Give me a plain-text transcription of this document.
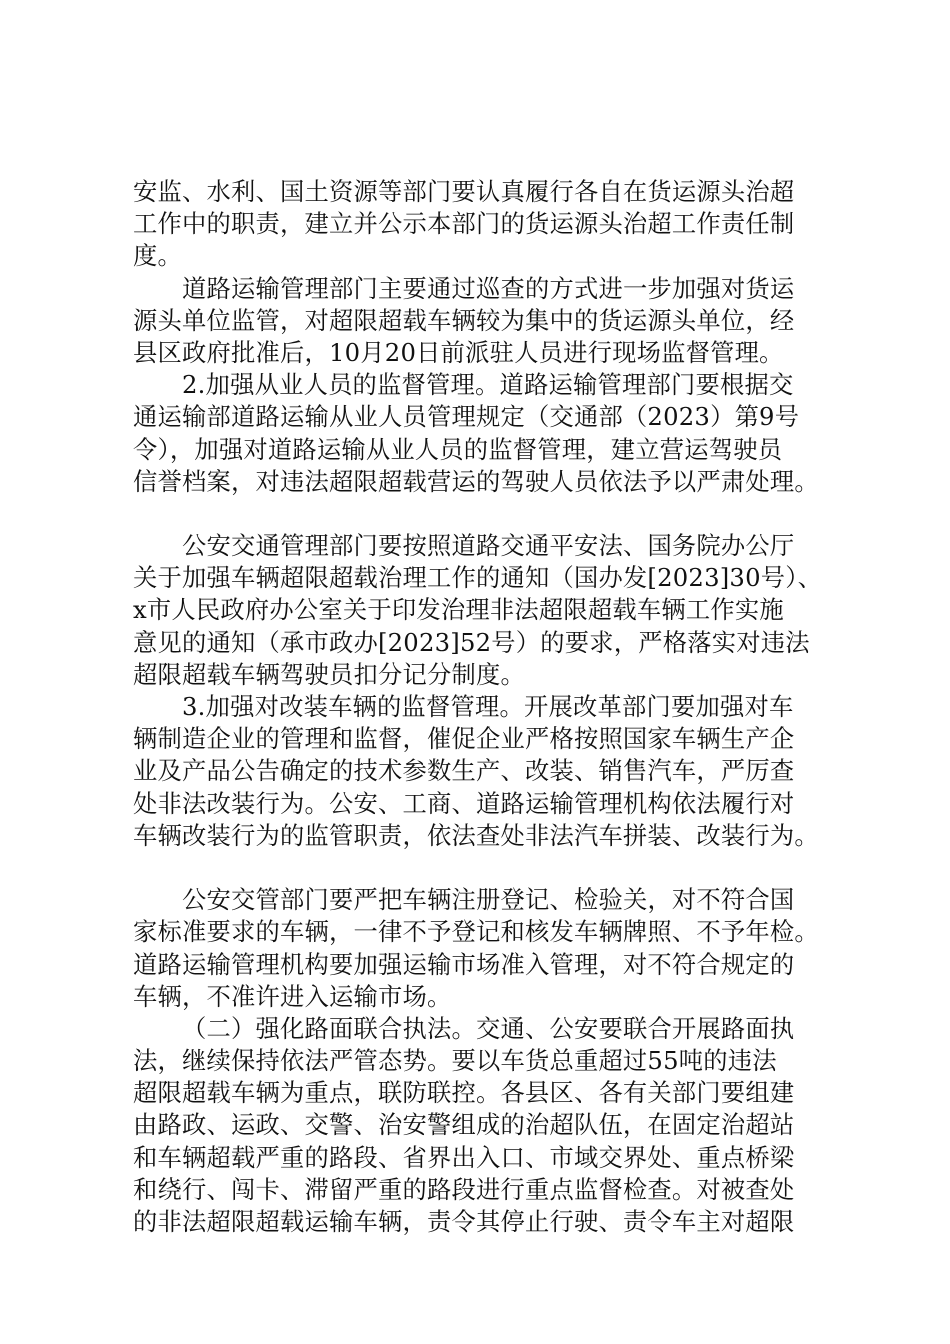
安监、水利、国土资源等部门要认真履行各自在货运源头治超
工作中的职责，建立并公示本部门的货运源头治超工作责任制
度。
道路运输管理部门主要通过巡查的方式进一步加强对货运
源头单位监管，对超限超载车辆较为集中的货运源头单位，经
县区政府批准后，10月20日前派驻人员进行现场监督管理。
2.加强从业人员的监督管理。道路运输管理部门要根据交
通运输部道路运输从业人员管理规定（交通部（2023）第9号
令），加强对道路运输从业人员的监督管理，建立营运驾驶员
信誉档案，对违法超限超载营运的驾驶人员依法予以严肃处理。
公安交通管理部门要按照道路交通平安法、国务院办公厅
关于加强车辆超限超载治理工作的通知（国办发[2023]30号）、
x市人民政府办公室关于印发治理非法超限超载车辆工作实施
意见的通知（承市政办[2023]52号）的要求，严格落实对违法
超限超载车辆驾驶员扣分记分制度。
3.加强对改装车辆的监督管理。开展改革部门要加强对车
辆制造企业的管理和监督，催促企业严格按照国家车辆生产企
业及产品公告确定的技术参数生产、改装、销售汽车，严厉查
处非法改装行为。公安、工商、道路运输管理机构依法履行对
车辆改装行为的监管职责，依法查处非法汽车拼装、改装行为。
公安交管部门要严把车辆注册登记、检验关，对不符合国
家标准要求的车辆，一律不予登记和核发车辆牌照、不予年检。
道路运输管理机构要加强运输市场准入管理，对不符合规定的
车辆，不准许进入运输市场。
（二）强化路面联合执法。交通、公安要联合开展路面执
法，继续保持依法严管态势。要以车货总重超过55吨的违法
超限超载车辆为重点，联防联控。各县区、各有关部门要组建
由路政、运政、交警、治安警组成的治超队伍，在固定治超站
和车辆超载严重的路段、省界出入口、市域交界处、重点桥梁
和绕行、闯卡、滞留严重的路段进行重点监督检查。对被查处
的非法超限超载运输车辆，责令其停止行驶、责令车主对超限
